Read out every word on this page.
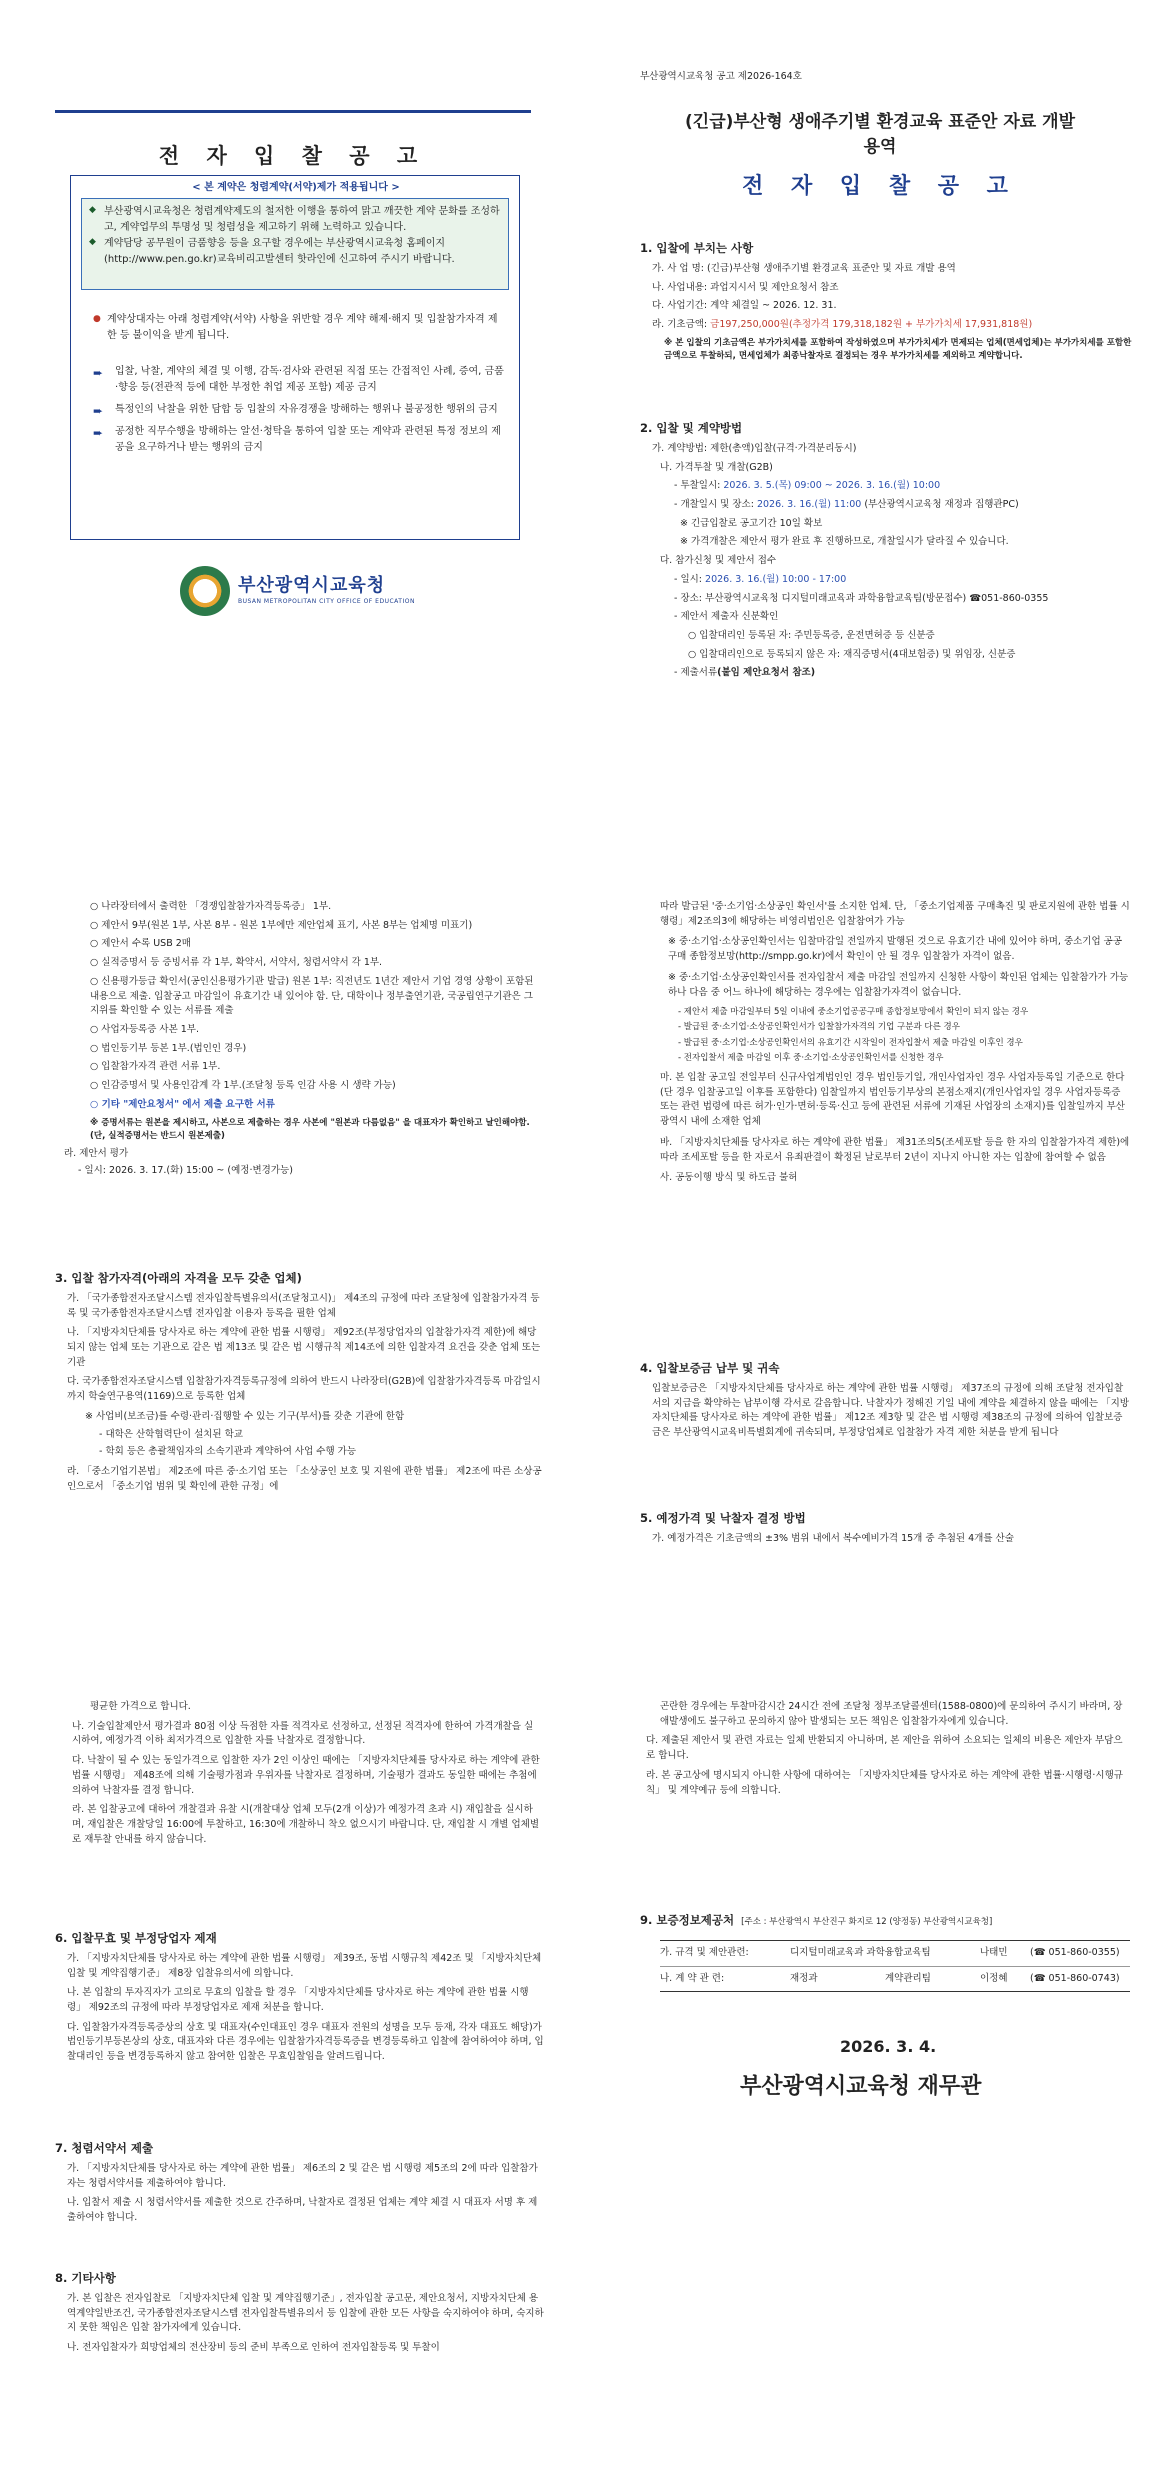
전 자 입 찰 공 고
< 본 계약은 청렴계약(서약)제가 적용됩니다 >

◆ 부산광역시교육청은 청렴계약제도의 철저한 이행을 통하여 맑고 깨끗한 계약 문화를 조성하고, 계약업무의 투명성 및 청렴성을 제고하기 위해 노력하고 있습니다.

◆ 계약담당 공무원이 금품향응 등을 요구할 경우에는 부산광역시교육청 홈페이지 (http://www.pen.go.kr)교육비리고발센터 핫라인에 신고하여 주시기 바랍니다.

● 계약상대자는 아래 청렴계약(서약) 사항을 위반할 경우 계약 해제·해지 및 입찰참가자격 제한 등 불이익을 받게 됩니다.
➨ 입찰, 낙찰, 계약의 체결 및 이행, 감독·검사와 관련된 직접 또는 간접적인 사례, 증여, 금품·향응 등(전관적 등에 대한 부정한 취업 제공 포함) 제공 금지
➨ 특정인의 낙찰을 위한 담합 등 입찰의 자유경쟁을 방해하는 행위나 불공정한 행위의 금지
➨ 공정한 직무수행을 방해하는 알선·청탁을 통하여 입찰 또는 계약과 관련된 특정 정보의 제공을 요구하거나 받는 행위의 금지
부산광역시교육청
BUSAN METROPOLITAN CITY OFFICE OF EDUCATION
부산광역시교육청 공고 제2026-164호
(긴급)부산형 생애주기별 환경교육 표준안 자료 개발
용역
전 자 입 찰 공 고
1. 입찰에 부치는 사항
가. 사 업 명: (긴급)부산형 생애주기별 환경교육 표준안 및 자료 개발 용역
나. 사업내용: 과업지시서 및 제안요청서 참조
다. 사업기간: 계약 체결일 ~ 2026. 12. 31.
라. 기초금액: 금197,250,000원(추정가격 179,318,182원 + 부가가치세 17,931,818원)
※ 본 입찰의 기초금액은 부가가치세를 포함하여 작성하였으며 부가가치세가 면제되는 업체(면세업체)는 부가가치세를 포함한 금액으로 투찰하되, 면세업체가 최종낙찰자로 결정되는 경우 부가가치세를 제외하고 계약합니다.
2. 입찰 및 계약방법
가. 계약방법: 제한(총액)입찰(규격·가격분리동시)
나. 가격투찰 및 개찰(G2B)
- 투찰일시: 2026. 3. 5.(목) 09:00 ~ 2026. 3. 16.(월) 10:00
- 개찰일시 및 장소: 2026. 3. 16.(월) 11:00 (부산광역시교육청 재정과 집행관PC)
※ 긴급입찰로 공고기간 10일 확보
※ 가격개찰은 제안서 평가 완료 후 진행하므로, 개찰일시가 달라질 수 있습니다.
다. 참가신청 및 제안서 접수
- 일시: 2026. 3. 16.(월) 10:00 - 17:00
- 장소: 부산광역시교육청 디지털미래교육과 과학융합교육팀(방문접수) ☎051-860-0355
- 제안서 제출자 신분확인
○ 입찰대리인 등록된 자: 주민등록증, 운전면허증 등 신분증
○ 입찰대리인으로 등록되지 않은 자: 재직증명서(4대보험증) 및 위임장, 신분증
- 제출서류(붙임 제안요청서 참조)
○ 나라장터에서 출력한 「경쟁입찰참가자격등록증」 1부.
○ 제안서 9부(원본 1부, 사본 8부 - 원본 1부에만 제안업체 표기, 사본 8부는 업체명 미표기)
○ 제안서 수록 USB 2매
○ 실적증명서 등 증빙서류 각 1부, 확약서, 서약서, 청렴서약서 각 1부.
○ 신용평가등급 확인서(공인신용평가기관 발급) 원본 1부: 직전년도 1년간 제안서 기업 경영 상황이 포함된 내용으로 제출. 입찰공고 마감일이 유효기간 내 있어야 함. 단, 대학이나 정부출연기관, 국공립연구기관은 그 지위를 확인할 수 있는 서류를 제출
○ 사업자등록증 사본 1부.
○ 법인등기부 등본 1부.(법인인 경우)
○ 입찰참가자격 관련 서류 1부.
○ 인감증명서 및 사용인감계 각 1부.(조달청 등록 인감 사용 시 생략 가능)
○ 기타 "제안요청서" 에서 제출 요구한 서류
※ 증명서류는 원본을 제시하고, 사본으로 제출하는 경우 사본에 "원본과 다름없음" 을 대표자가 확인하고 날인해야함. (단, 실적증명서는 반드시 원본제출)
라. 제안서 평가
- 일시: 2026. 3. 17.(화) 15:00 ~ (예정·변경가능)
3. 입찰 참가자격(아래의 자격을 모두 갖춘 업체)
가. 「국가종합전자조달시스템 전자입찰특별유의서(조달청고시)」 제4조의 규정에 따라 조달청에 입찰참가자격 등록 및 국가종합전자조달시스템 전자입찰 이용자 등록을 필한 업체
나. 「지방자치단체를 당사자로 하는 계약에 관한 법률 시행령」 제92조(부정당업자의 입찰참가자격 제한)에 해당되지 않는 업체 또는 기관으로 같은 법 제13조 및 같은 법 시행규칙 제14조에 의한 입찰자격 요건을 갖춘 업체 또는 기관
다. 국가종합전자조달시스템 입찰참가자격등록규정에 의하여 반드시 나라장터(G2B)에 입찰참가자격등록 마감일시까지 학술연구용역(1169)으로 등록한 업체
※ 사업비(보조금)를 수령·관리·집행할 수 있는 기구(부서)를 갖춘 기관에 한함
- 대학은 산학협력단이 설치된 학교
- 학회 등은 총괄책임자의 소속기관과 계약하여 사업 수행 가능
라. 「중소기업기본법」 제2조에 따른 중·소기업 또는 「소상공인 보호 및 지원에 관한 법률」 제2조에 따른 소상공인으로서 「중소기업 범위 및 확인에 관한 규정」에
따라 발급된 '중·소기업·소상공인 확인서'를 소지한 업체. 단, 「중소기업제품 구매촉진 및 판로지원에 관한 법률 시행령」제2조의3에 해당하는 비영리법인은 입찰참여가 가능
※ 중·소기업·소상공인확인서는 입찰마감일 전일까지 발행된 것으로 유효기간 내에 있어야 하며, 중소기업 공공구매 종합정보망(http://smpp.go.kr)에서 확인이 안 될 경우 입찰참가 자격이 없음.
※ 중·소기업·소상공인확인서를 전자입찰서 제출 마감일 전일까지 신청한 사항이 확인된 업체는 입찰참가가 가능하나 다음 중 어느 하나에 해당하는 경우에는 입찰참가자격이 없습니다.
- 제안서 제출 마감일부터 5일 이내에 중소기업공공구매 종합정보망에서 확인이 되지 않는 경우
- 발급된 중·소기업·소상공인확인서가 입찰참가자격의 기업 구분과 다른 경우
- 발급된 중·소기업·소상공인확인서의 유효기간 시작일이 전자입찰서 제출 마감일 이후인 경우
- 전자입찰서 제출 마감일 이후 중·소기업·소상공인확인서를 신청한 경우
마. 본 입찰 공고일 전일부터 신규사업계법인인 경우 법인등기일, 개인사업자인 경우 사업자등록일 기준으로 한다(단 경우 입찰공고일 이후를 포함한다) 입찰일까지 법인등기부상의 본점소재지(개인사업자일 경우 사업자등록증 또는 관련 법령에 따른 허가·인가·면허·등록·신고 등에 관련된 서류에 기재된 사업장의 소재지)를 입찰일까지 부산광역시 내에 소재한 업체
바. 「지방자치단체를 당사자로 하는 계약에 관한 법률」 제31조의5(조세포탈 등을 한 자의 입찰참가자격 제한)에 따라 조세포탈 등을 한 자로서 유죄판결이 확정된 날로부터 2년이 지나지 아니한 자는 입찰에 참여할 수 없음
사. 공동이행 방식 및 하도급 불허
4. 입찰보증금 납부 및 귀속
입찰보증금은 「지방자치단체를 당사자로 하는 계약에 관한 법률 시행령」 제37조의 규정에 의해 조달청 전자입찰서의 지급을 확약하는 납부이행 각서로 갈음합니다. 낙찰자가 정해진 기일 내에 계약을 체결하지 않을 때에는 「지방자치단체를 당사자로 하는 계약에 관한 법률」 제12조 제3항 및 같은 법 시행령 제38조의 규정에 의하여 입찰보증금은 부산광역시교육비특별회계에 귀속되며, 부정당업체로 입찰참가 자격 제한 처분을 받게 됩니다
5. 예정가격 및 낙찰자 결정 방법
가. 예정가격은 기초금액의 ±3% 범위 내에서 복수예비가격 15개 중 추첨된 4개를 산술
평균한 가격으로 합니다.
나. 기술입찰제안서 평가결과 80점 이상 득점한 자를 적격자로 선정하고, 선정된 적격자에 한하여 가격개찰을 실시하여, 예정가격 이하 최저가격으로 입찰한 자를 낙찰자로 결정합니다.
다. 낙찰이 될 수 있는 동일가격으로 입찰한 자가 2인 이상인 때에는 「지방자치단체를 당사자로 하는 계약에 관한 법률 시행령」 제48조에 의해 기술평가점과 우위자를 낙찰자로 결정하며, 기술평가 결과도 동일한 때에는 추첨에 의하여 낙찰자를 결정 합니다.
라. 본 입찰공고에 대하여 개찰결과 유찰 시(개찰대상 업체 모두(2개 이상)가 예정가격 초과 시) 재입찰을 실시하며, 재입찰은 개찰당일 16:00에 투찰하고, 16:30에 개찰하니 착오 없으시기 바랍니다. 단, 재입찰 시 개별 업체별로 재투찰 안내를 하지 않습니다.
6. 입찰무효 및 부정당업자 제재
가. 「지방자치단체를 당사자로 하는 계약에 관한 법률 시행령」 제39조, 동법 시행규칙 제42조 및 「지방자치단체 입찰 및 계약집행기준」 제8장 입찰유의서에 의합니다.
나. 본 입찰의 투자직자가 고의로 무효의 입찰을 할 경우 「지방자치단체를 당사자로 하는 계약에 관한 법률 시행령」 제92조의 규정에 따라 부정당업자로 제재 처분을 합니다.
다. 입찰참가자격등록증상의 상호 및 대표자(수인대표인 경우 대표자 전원의 성명을 모두 등재, 각자 대표도 해당)가 법인등기부등본상의 상호, 대표자와 다른 경우에는 입찰참가자격등록증을 변경등록하고 입찰에 참여하여야 하며, 입찰대리인 등을 변경등록하지 않고 참여한 입찰은 무효입찰임을 알려드립니다.
7. 청렴서약서 제출
가. 「지방자치단체를 당사자로 하는 계약에 관한 법률」 제6조의 2 및 같은 법 시행령 제5조의 2에 따라 입찰참가자는 청렴서약서를 제출하여야 합니다.
나. 입찰서 제출 시 청렴서약서를 제출한 것으로 간주하며, 낙찰자로 결정된 업체는 계약 체결 시 대표자 서명 후 제출하여야 합니다.
8. 기타사항
가. 본 입찰은 전자입찰로 「지방자치단체 입찰 및 계약집행기준」, 전자입찰 공고문, 제안요청서, 지방자치단체 용역계약일반조건, 국가종합전자조달시스템 전자입찰특별유의서 등 입찰에 관한 모든 사항을 숙지하여야 하며, 숙지하지 못한 책임은 입찰 참가자에게 있습니다.
나. 전자입찰자가 희망업체의 전산장비 등의 준비 부족으로 인하여 전자입찰등록 및 투찰이
곤란한 경우에는 투찰마감시간 24시간 전에 조달청 정부조달콜센터(1588-0800)에 문의하여 주시기 바라며, 장애발생에도 불구하고 문의하지 않아 발생되는 모든 책임은 입찰참가자에게 있습니다.
다. 제출된 제안서 및 관련 자료는 일체 반환되지 아니하며, 본 제안을 위하여 소요되는 일체의 비용은 제안자 부담으로 합니다.
라. 본 공고상에 명시되지 아니한 사항에 대하여는 「지방자치단체를 당사자로 하는 계약에 관한 법률·시행령·시행규칙」 및 계약예규 등에 의합니다.
9. 보증정보제공처 [주소 : 부산광역시 부산진구 화지로 12 (양정동) 부산광역시교육청]
가. 규격 및 제안관련:	디지털미래교육과 과학융합교육팀	나태민	(☎ 051-860-0355)
나. 계 약 관 련:	재정과	계약관리팀	이정혜	(☎ 051-860-0743)
2026. 3. 4.
부산광역시교육청 재무관
